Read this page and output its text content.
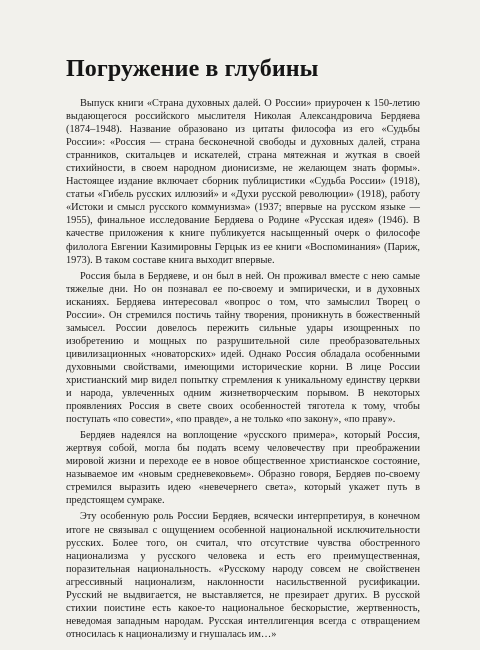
Погружение в глубины

Выпуск книги «Страна духовных далей. О России» приурочен к 150-летию выдающегося российского мыслителя Николая Александровича Бердяева (1874–1948). Название образовано из цитаты философа из его «Судьбы России»: «Россия — страна бесконечной свободы и духовных далей, страна странников, скитальцев и искателей, страна мятежная и жуткая в своей стихийности, в своем народном дионисизме, не желающем знать формы». Настоящее издание включает сборник публицистики «Судьба России» (1918), статьи «Гибель русских иллюзий» и «Духи русской революции» (1918), работу «Истоки и смысл русского коммунизма» (1937; впервые на русском языке — 1955), финальное исследование Бердяева о Родине «Русская идея» (1946). В качестве приложения к книге публикуется насыщенный очерк о философе филолога Евгении Казимировны Герцык из ее книги «Воспоминания» (Париж, 1973). В таком составе книга выходит впервые.

Россия была в Бердяеве, и он был в ней. Он проживал вместе с нею самые тяжелые дни. Но он познавал ее по-своему и эмпирически, и в духовных исканиях. Бердяева интересовал «вопрос о том, что замыслил Творец о России». Он стремился постичь тайну творения, проникнуть в божественный замысел. России довелось пережить сильные удары изощренных по изобретению и мощных по разрушительной силе преобразовательных цивилизационных «новаторских» идей. Однако Россия обладала особенными духовными свойствами, имеющими исторические корни. В лице России христианский мир видел попытку стремления к уникальному единству церкви и народа, увлеченных одним жизнетворческим порывом. В некоторых проявлениях Россия в свете своих особенностей тяготела к тому, чтобы поступать «по совести», «по правде», а не только «по закону», «по праву».

Бердяев надеялся на воплощение «русского примера», который Россия, жертвуя собой, могла бы подать всему человечеству при преображении мировой жизни и переходе ее в новое общественное христианское состояние, называемое им «новым средневековьем». Образно говоря, Бердяев по-своему стремился выразить идею «невечернего света», который укажет путь в предстоящем сумраке.

Эту особенную роль России Бердяев, всячески интерпретируя, в конечном итоге не связывал с ощущением особенной национальной исключительности русских. Более того, он считал, что отсутствие чувства обостренного национализма у русского человека и есть его преимущественная, поразительная национальность. «Русскому народу совсем не свойственен агрессивный национализм, наклонности насильственной русификации. Русский не выдвигается, не выставляется, не презирает других. В русской стихии поистине есть какое-то национальное бескорыстие, жертвенность, неведомая западным народам. Русская интеллигенция всегда с отвращением относилась к национализму и гнушалась им…»
